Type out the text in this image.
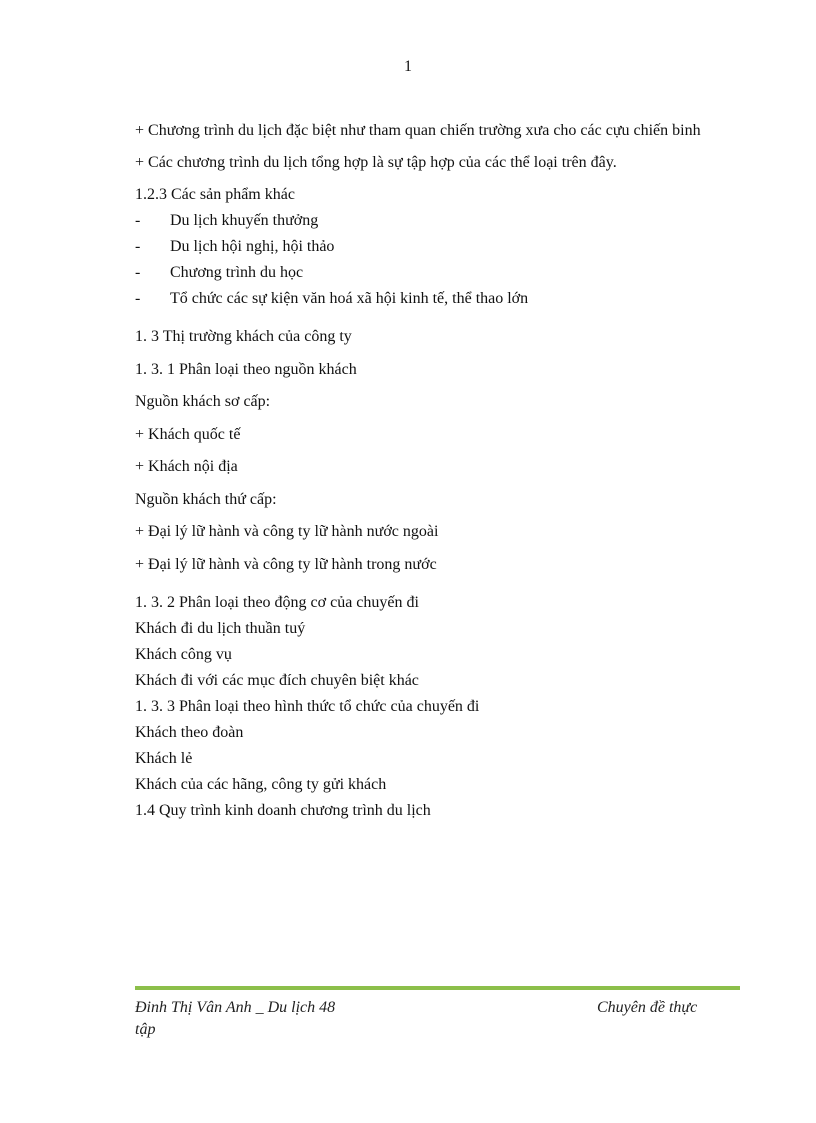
1

+ Chương trình du lịch đặc biệt như tham quan chiến trường xưa cho các cựu chiến binh

+ Các chương trình du lịch tổng hợp là sự tập hợp của các thể loại trên đây.

1.2.3 Các sản phẩm khác

-	Du lịch khuyến thưởng
-	Du lịch hội nghị, hội thảo
-	Chương trình du học
-	Tổ chức các sự kiện văn hoá xã hội kinh tế, thể thao lớn

1. 3 Thị trường khách của công ty

1. 3. 1 Phân loại theo nguồn khách

Nguồn khách sơ cấp:

+ Khách quốc tế

+ Khách nội địa

Nguồn khách thứ cấp:

+ Đại lý lữ hành và công ty lữ hành nước ngoài

+ Đại lý lữ hành và công ty lữ hành trong nước

1. 3. 2 Phân loại theo động cơ của chuyến đi

Khách đi du lịch thuần tuý

Khách công vụ

Khách đi với các mục đích chuyên biệt khác

1. 3. 3 Phân loại theo hình thức tổ chức của chuyến đi

Khách theo đoàn

Khách lẻ

Khách của các hãng, công ty gửi khách

1.4 Quy trình kinh doanh chương trình du lịch

Đinh Thị Vân Anh _ Du lịch 48	Chuyên đề thực
tập
